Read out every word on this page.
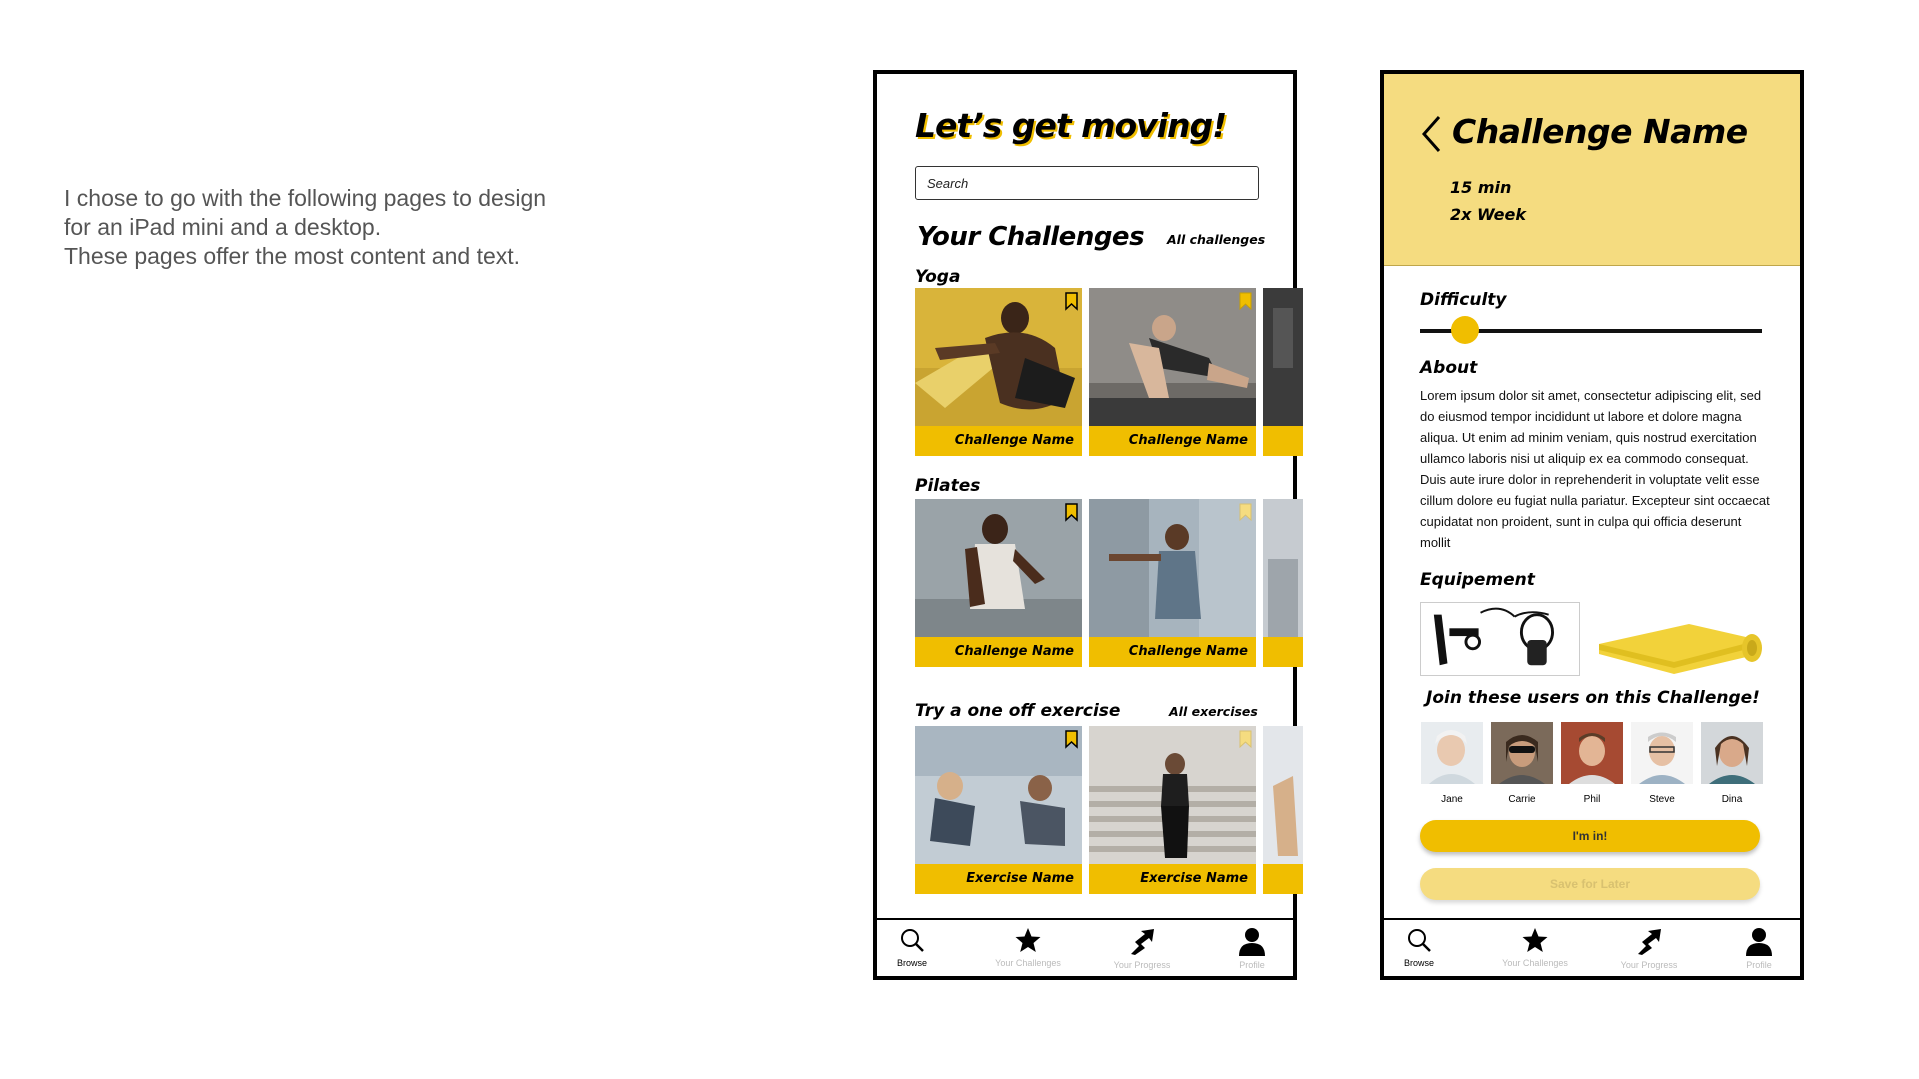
I chose to go with the following pages to design

for an iPad mini and a desktop.

These pages offer the most content and text.

Let’s get moving!
Search
Your Challenges All challenges
Yoga
Challenge Name	Challenge Name
Pilates
Challenge Name	Challenge Name
Try a one off exercise	All exercises
Exercise Name	Exercise Name
Browse	Your Challenges	Your Progress	Profile
Challenge Name
15 min
2x Week
Difficulty
About
Lorem ipsum dolor sit amet, consectetur adipiscing elit, sed do eiusmod tempor incididunt ut labore et dolore magna aliqua. Ut enim ad minim veniam, quis nostrud exercitation ullamco laboris nisi ut aliquip ex ea commodo consequat. Duis aute irure dolor in reprehenderit in voluptate velit esse cillum dolore eu fugiat nulla pariatur. Excepteur sint occaecat cupidatat non proident, sunt in culpa qui officia deserunt mollit
Equipement
Join these users on this Challenge!
Jane	Carrie	Phil	Steve	Dina
I'm in!
Save for Later
Browse	Your Challenges	Your Progress	Profile
